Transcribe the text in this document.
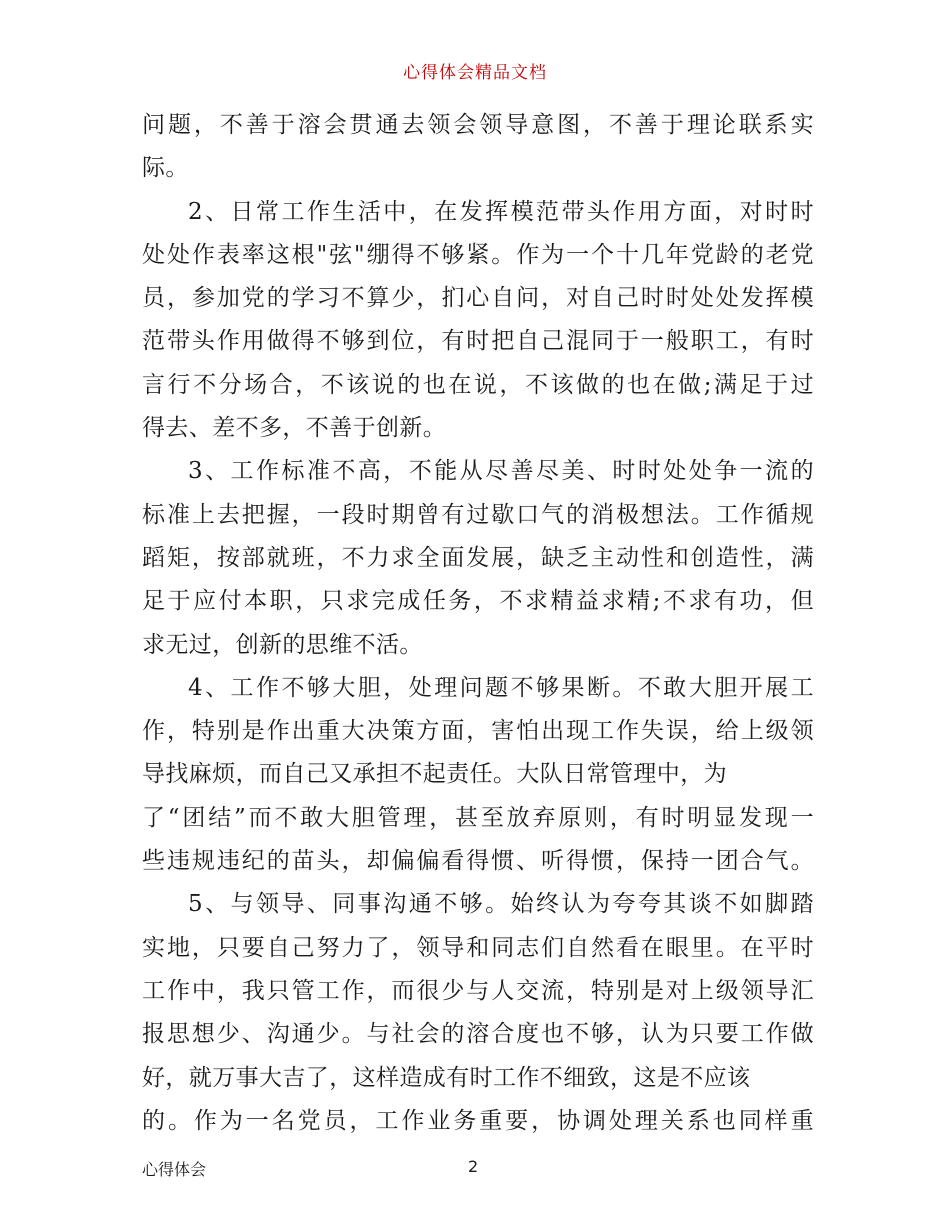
心得体会精品文档
问题，不善于溶会贯通去领会领导意图，不善于理论联系实
际。
2、日常工作生活中，在发挥模范带头作用方面，对时时
处处作表率这根"弦"绷得不够紧。作为一个十几年党龄的老党
员，参加党的学习不算少，扪心自问，对自己时时处处发挥模
范带头作用做得不够到位，有时把自己混同于一般职工，有时
言行不分场合，不该说的也在说，不该做的也在做;满足于过
得去、差不多，不善于创新。
3、工作标准不高，不能从尽善尽美、时时处处争一流的
标准上去把握，一段时期曾有过歇口气的消极想法。工作循规
蹈矩，按部就班，不力求全面发展，缺乏主动性和创造性，满
足于应付本职，只求完成任务，不求精益求精;不求有功，但
求无过，创新的思维不活。
4、工作不够大胆，处理问题不够果断。不敢大胆开展工
作，特别是作出重大决策方面，害怕出现工作失误，给上级领
导找麻烦，而自己又承担不起责任。大队日常管理中，为
了“团结”而不敢大胆管理，甚至放弃原则，有时明显发现一
些违规违纪的苗头，却偏偏看得惯、听得惯，保持一团合气。
5、与领导、同事沟通不够。始终认为夸夸其谈不如脚踏
实地，只要自己努力了，领导和同志们自然看在眼里。在平时
工作中，我只管工作，而很少与人交流，特别是对上级领导汇
报思想少、沟通少。与社会的溶合度也不够，认为只要工作做
好，就万事大吉了，这样造成有时工作不细致，这是不应该
的。作为一名党员，工作业务重要，协调处理关系也同样重
心得体会	2
